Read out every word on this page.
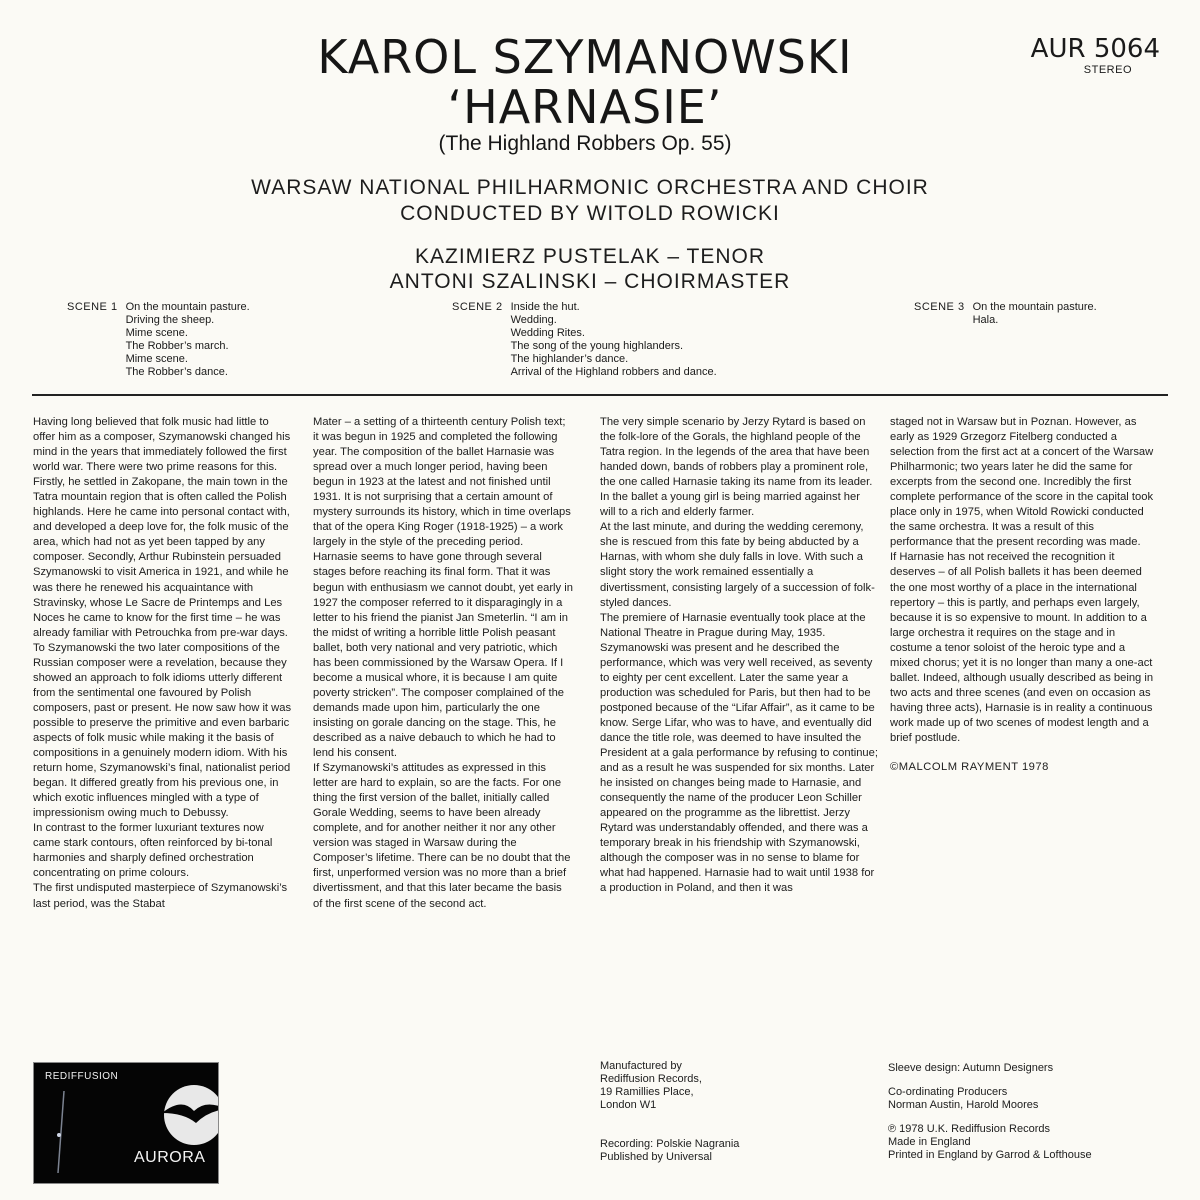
KAROL SZYMANOWSKI
‘HARNASIE’
(The Highland Robbers Op. 55)
AUR 5064
STEREO
WARSAW NATIONAL PHILHARMONIC ORCHESTRA AND CHOIR
CONDUCTED BY WITOLD ROWICKI
KAZIMIERZ PUSTELAK – TENOR
ANTONI SZALINSKI – CHOIRMASTER
SCENE 1 On the mountain pasture.
Driving the sheep.
Mime scene.
The Robber’s march.
Mime scene.
The Robber’s dance.
SCENE 2 Inside the hut.
Wedding.
Wedding Rites.
The song of the young highlanders.
The highlander’s dance.
Arrival of the Highland robbers and dance.
SCENE 3 On the mountain pasture.
Hala.

Having long believed that folk music had little to offer him as a composer, Szymanowski changed his mind in the years that immediately followed the first world war. There were two prime reasons for this. Firstly, he settled in Zakopane, the main town in the Tatra mountain region that is often called the Polish highlands. Here he came into personal contact with, and developed a deep love for, the folk music of the area, which had not as yet been tapped by any composer. Secondly, Arthur Rubinstein persuaded Szymanowski to visit America in 1921, and while he was there he renewed his acquaintance with Stravinsky, whose Le Sacre de Printemps and Les Noces he came to know for the first time – he was already familiar with Petrouchka from pre-war days. To Szymanowski the two later compositions of the Russian composer were a revelation, because they showed an approach to folk idioms utterly different from the sentimental one favoured by Polish composers, past or present. He now saw how it was possible to preserve the primitive and even barbaric aspects of folk music while making it the basis of compositions in a genuinely modern idiom. With his return home, Szymanowski’s final, nationalist period began. It differed greatly from his previous one, in which exotic influences mingled with a type of impressionism owing much to Debussy.

In contrast to the former luxuriant textures now came stark contours, often reinforced by bi-tonal harmonies and sharply defined orchestration concentrating on prime colours.

The first undisputed masterpiece of Szymanowski’s last period, was the Stabat

Mater – a setting of a thirteenth century Polish text; it was begun in 1925 and completed the following year. The composition of the ballet Harnasie was spread over a much longer period, having been begun in 1923 at the latest and not finished until 1931. It is not surprising that a certain amount of mystery surrounds its history, which in time overlaps that of the opera King Roger (1918-1925) – a work largely in the style of the preceding period.

Harnasie seems to have gone through several stages before reaching its final form. That it was begun with enthusiasm we cannot doubt, yet early in 1927 the composer referred to it disparagingly in a letter to his friend the pianist Jan Smeterlin. “I am in the midst of writing a horrible little Polish peasant ballet, both very national and very patriotic, which has been commissioned by the Warsaw Opera. If I become a musical whore, it is because I am quite poverty stricken”. The composer complained of the demands made upon him, particularly the one insisting on gorale dancing on the stage. This, he described as a naive debauch to which he had to lend his consent.

If Szymanowski’s attitudes as expressed in this letter are hard to explain, so are the facts. For one thing the first version of the ballet, initially called Gorale Wedding, seems to have been already complete, and for another neither it nor any other version was staged in Warsaw during the Composer’s lifetime. There can be no doubt that the first, unperformed version was no more than a brief divertissment, and that this later became the basis of the first scene of the second act.

The very simple scenario by Jerzy Rytard is based on the folk-lore of the Gorals, the highland people of the Tatra region. In the legends of the area that have been handed down, bands of robbers play a prominent role, the one called Harnasie taking its name from its leader. In the ballet a young girl is being married against her will to a rich and elderly farmer.

At the last minute, and during the wedding ceremony, she is rescued from this fate by being abducted by a Harnas, with whom she duly falls in love. With such a slight story the work remained essentially a divertissment, consisting largely of a succession of folk-styled dances.

The premiere of Harnasie eventually took place at the National Theatre in Prague during May, 1935. Szymanowski was present and he described the performance, which was very well received, as seventy to eighty per cent excellent. Later the same year a production was scheduled for Paris, but then had to be postponed because of the “Lifar Affair”, as it came to be know. Serge Lifar, who was to have, and eventually did dance the title role, was deemed to have insulted the President at a gala performance by refusing to continue; and as a result he was suspended for six months. Later he insisted on changes being made to Harnasie, and consequently the name of the producer Leon Schiller appeared on the programme as the librettist. Jerzy Rytard was understandably offended, and there was a temporary break in his friendship with Szymanowski, although the composer was in no sense to blame for what had happened. Harnasie had to wait until 1938 for a production in Poland, and then it was

staged not in Warsaw but in Poznan. However, as early as 1929 Grzegorz Fitelberg conducted a selection from the first act at a concert of the Warsaw Philharmonic; two years later he did the same for excerpts from the second one. Incredibly the first complete performance of the score in the capital took place only in 1975, when Witold Rowicki conducted the same orchestra. It was a result of this performance that the present recording was made.

If Harnasie has not received the recognition it deserves – of all Polish ballets it has been deemed the one most worthy of a place in the international repertory – this is partly, and perhaps even largely, because it is so expensive to mount. In addition to a large orchestra it requires on the stage and in costume a tenor soloist of the heroic type and a mixed chorus; yet it is no longer than many a one-act ballet. Indeed, although usually described as being in two acts and three scenes (and even on occasion as having three acts), Harnasie is in reality a continuous work made up of two scenes of modest length and a brief postlude.

©MALCOLM RAYMENT 1978

REDIFFUSION
AURORA
Manufactured by
Rediffusion Records,
19 Ramillies Place,
London W1
Recording: Polskie Nagrania
Published by Universal
Sleeve design: Autumn Designers
Co-ordinating Producers
Norman Austin, Harold Moores
℗ 1978 U.K. Rediffusion Records
Made in England
Printed in England by Garrod & Lofthouse
